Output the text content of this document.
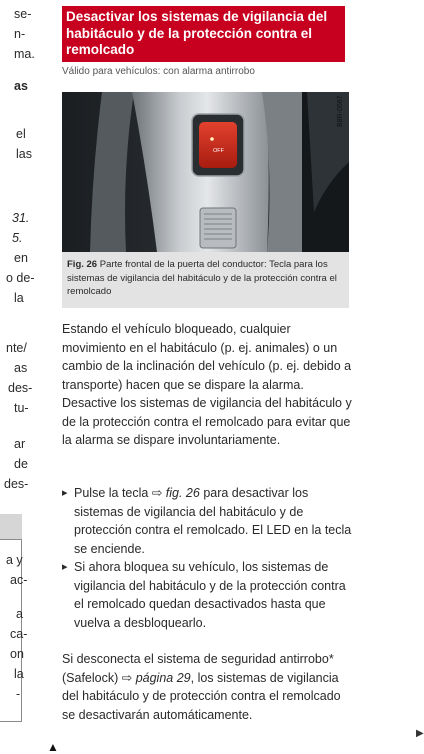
se-
n-
ma.
as
el
las
31.
5.
en
o de-
la
nte/
as
des-
tu-
ar
de
des-
a y
ac-
a
ca-
on
la
-
Desactivar los sistemas de vigilancia del habitáculo y de la protección contra el remolcado
Válido para vehículos: con alarma antirrobo
OFF
B8R-0567
Fig. 26 Parte frontal de la puerta del conductor: Tecla para los sistemas de vigilancia del habitáculo y de la protección contra el remolcado

Estando el vehículo bloqueado, cualquier movimiento en el habitáculo (p. ej. animales) o un cambio de la inclinación del vehículo (p. ej. debido a transporte) hacen que se dispare la alarma. Desactive los sistemas de vigilancia del habitáculo y de la protección contra el remolcado para evitar que la alarma se dispare involuntariamente.

▸ Pulse la tecla ⇨ fig. 26 para desactivar los sistemas de vigilancia del habitáculo y de protección contra el remolcado. El LED en la tecla se enciende.
▸ Si ahora bloquea su vehículo, los sistemas de vigilancia del habitáculo y de la protección contra el remolcado quedan desactivados hasta que vuelva a desbloquearlo.

Si desconecta el sistema de seguridad antirrobo* (Safelock) ⇨ página 29, los sistemas de vigilancia del habitáculo y de protección contra el remolcado se desactivarán automáticamente.

▶
▲
